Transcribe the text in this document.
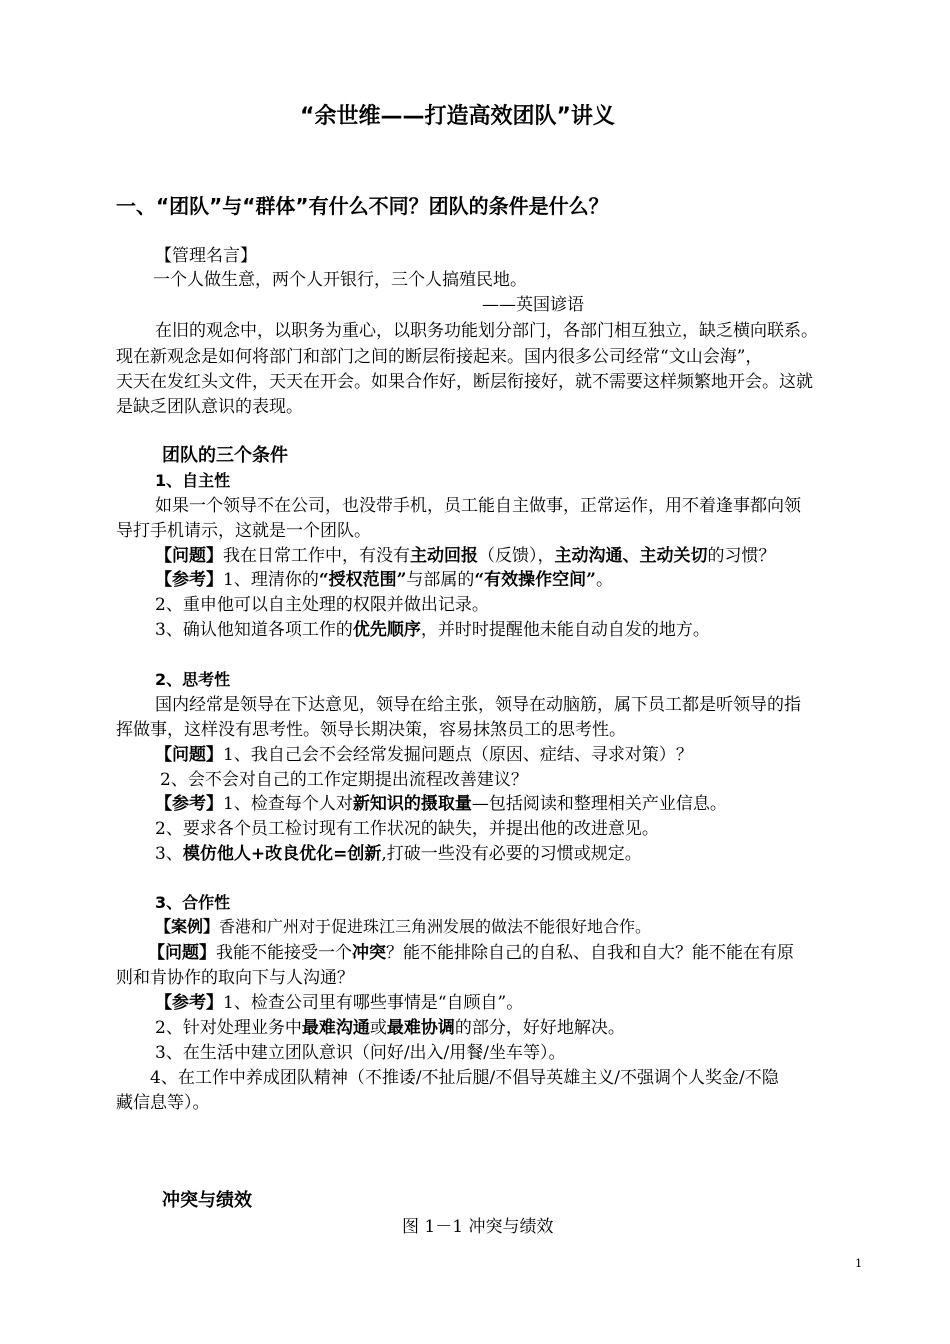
“余世维——打造高效团队”讲义
一、“团队”与“群体”有什么不同？团队的条件是什么？
【管理名言】
一个人做生意，两个人开银行，三个人搞殖民地。
——英国谚语
在旧的观念中，以职务为重心，以职务功能划分部门，各部门相互独立，缺乏横向联系。
现在新观念是如何将部门和部门之间的断层衔接起来。国内很多公司经常“文山会海”，
天天在发红头文件，天天在开会。如果合作好，断层衔接好，就不需要这样频繁地开会。这就
是缺乏团队意识的表现。
团队的三个条件
1、自主性
如果一个领导不在公司，也没带手机，员工能自主做事，正常运作，用不着逢事都向领
导打手机请示，这就是一个团队。
【问题】我在日常工作中，有没有主动回报（反馈），主动沟通、主动关切的习惯？
【参考】1、理清你的“授权范围”与部属的“有效操作空间”。
2、重申他可以自主处理的权限并做出记录。
3、确认他知道各项工作的优先顺序，并时时提醒他未能自动自发的地方。
2、思考性
国内经常是领导在下达意见，领导在给主张，领导在动脑筋，属下员工都是听领导的指
挥做事，这样没有思考性。领导长期决策，容易抹煞员工的思考性。
【问题】1、我自己会不会经常发掘问题点（原因、症结、寻求对策）？
2、会不会对自己的工作定期提出流程改善建议？
【参考】1、检查每个人对新知识的摄取量—包括阅读和整理相关产业信息。
2、要求各个员工检讨现有工作状况的缺失，并提出他的改进意见。
3、模仿他人+改良优化=创新,打破一些没有必要的习惯或规定。
3、合作性
【案例】香港和广州对于促进珠江三角洲发展的做法不能很好地合作。
【问题】我能不能接受一个冲突？能不能排除自己的自私、自我和自大？能不能在有原
则和肯协作的取向下与人沟通？
【参考】1、检查公司里有哪些事情是“自顾自”。
2、针对处理业务中最难沟通或最难协调的部分，好好地解决。
3、在生活中建立团队意识（问好/出入/用餐/坐车等）。
4、在工作中养成团队精神（不推诿/不扯后腿/不倡导英雄主义/不强调个人奖金/不隐
藏信息等）。
冲突与绩效
图 1－1 冲突与绩效
1
